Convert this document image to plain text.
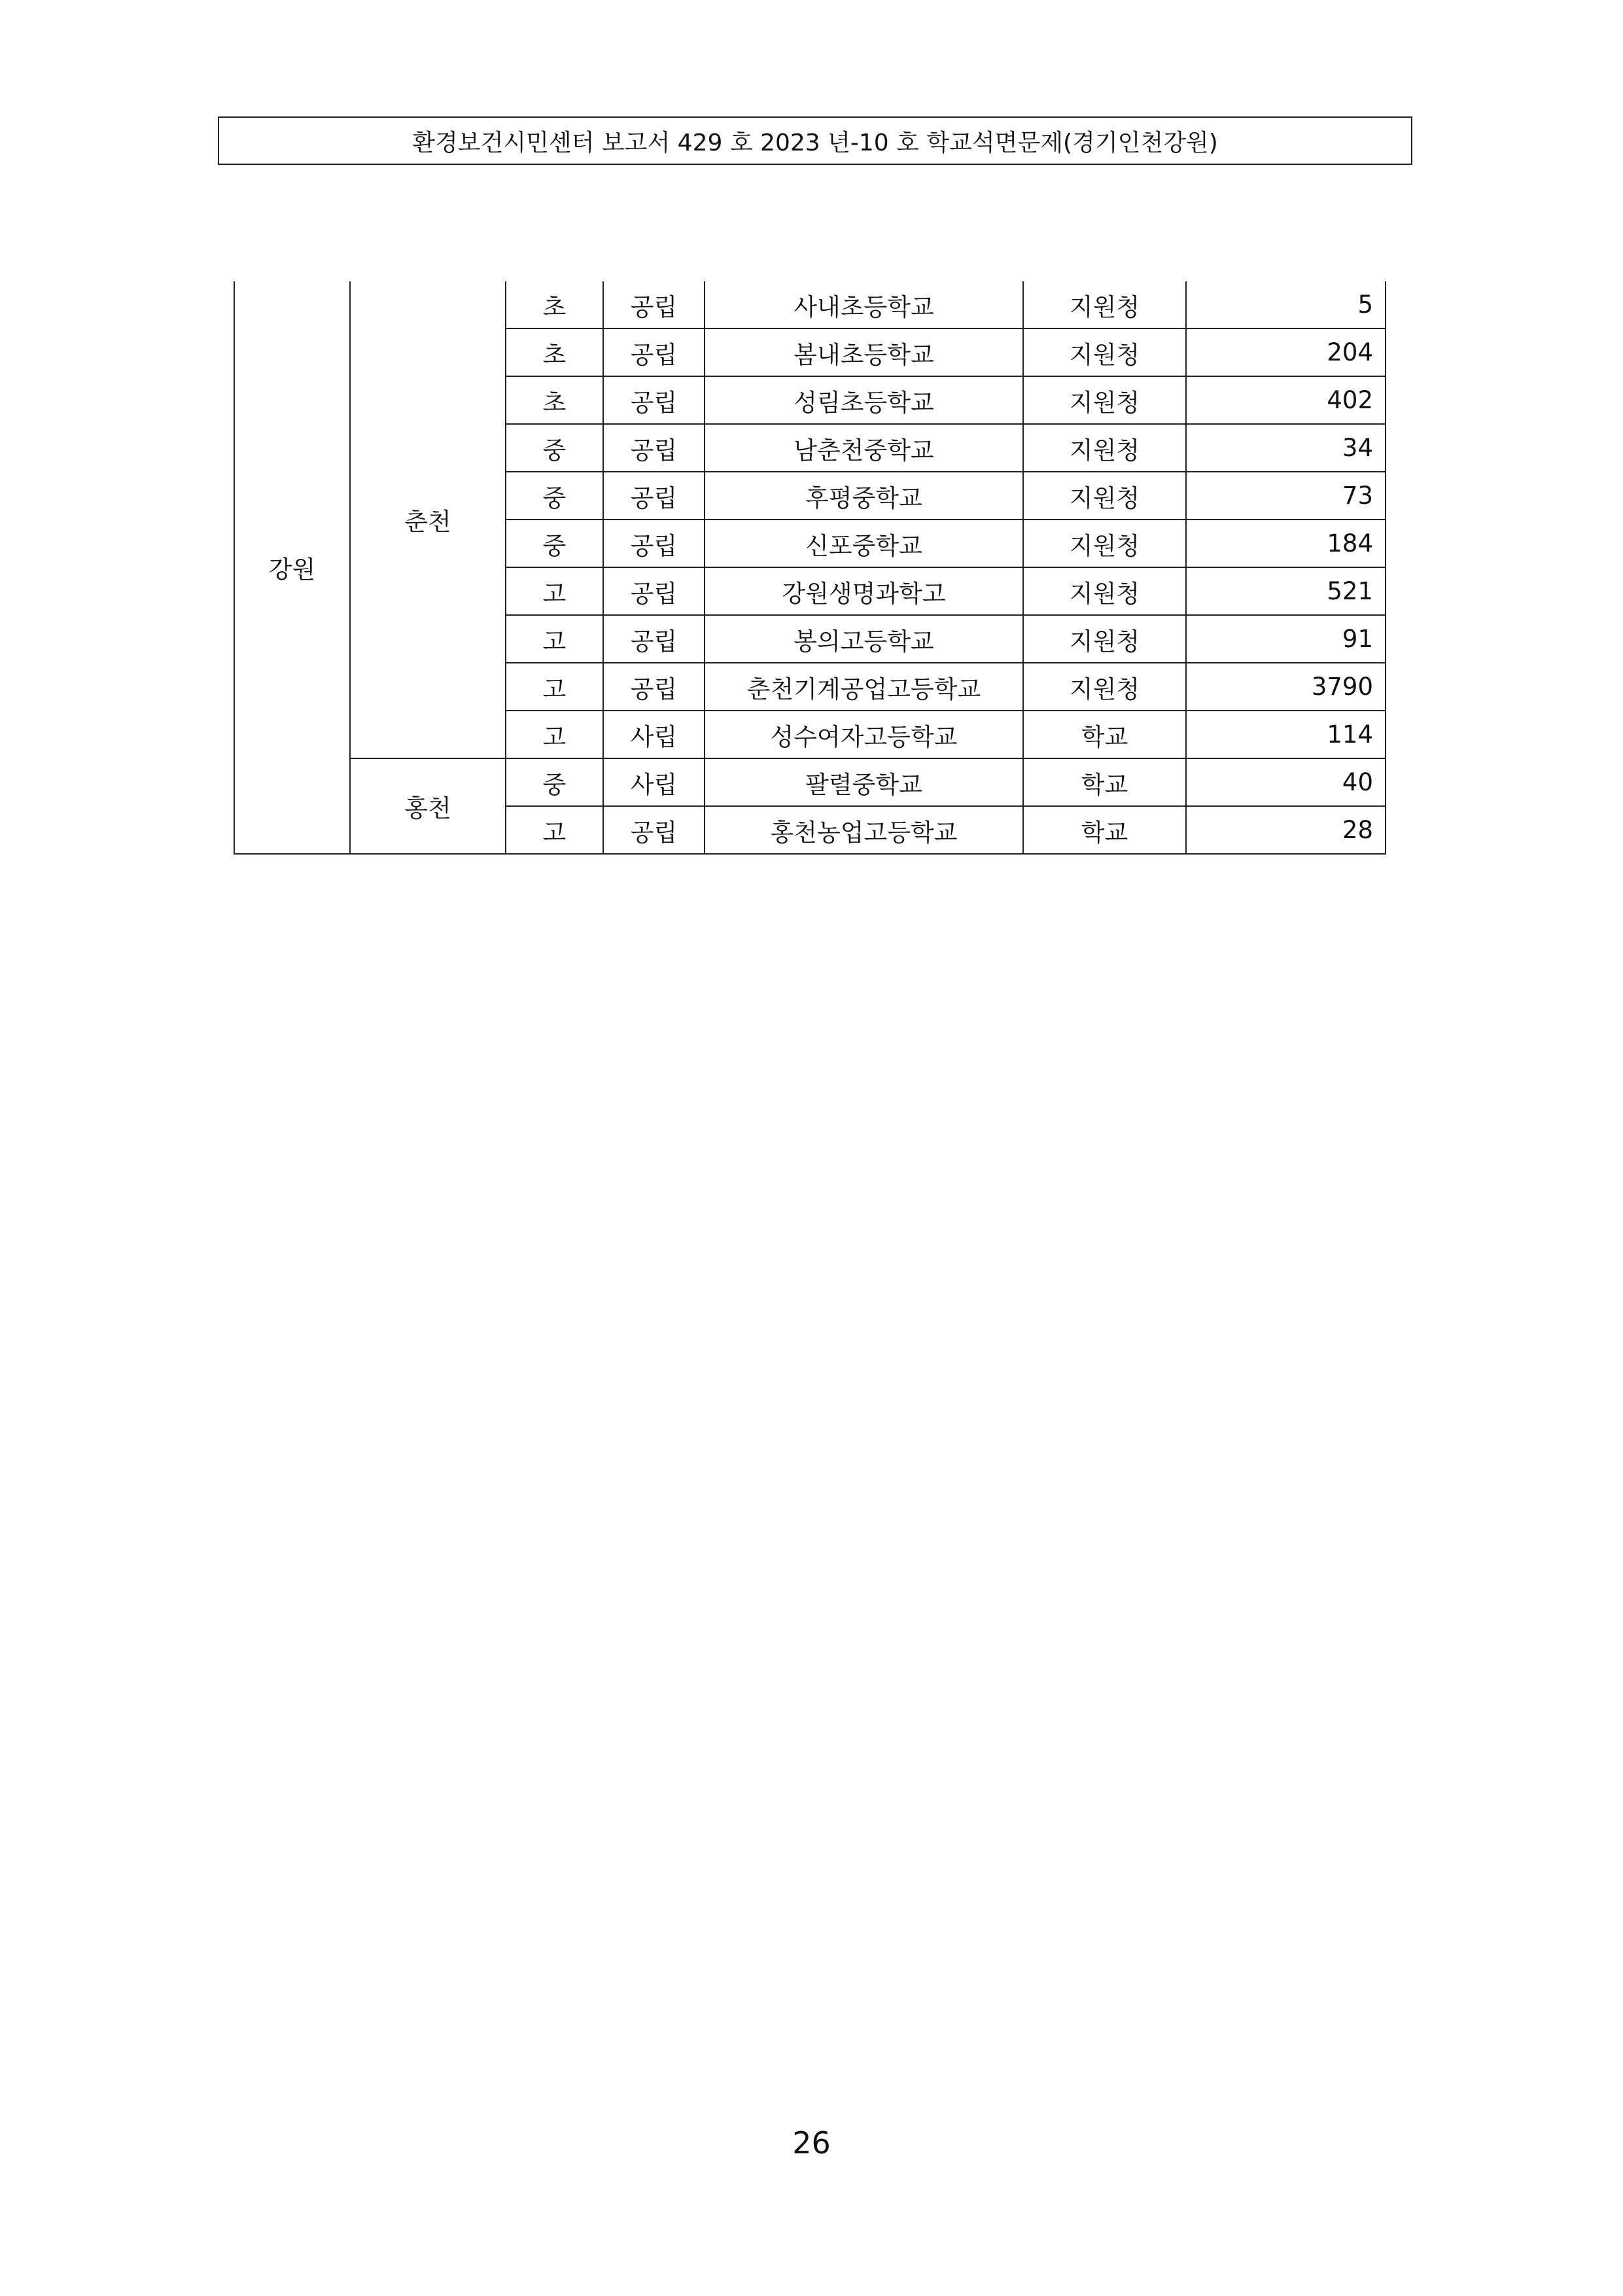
환경보건시민센터 보고서 429 호 2023 년-10 호 학교석면문제(경기인천강원)
강원	춘천	초	공립	사내초등학교	지원청	5
		초	공립	봄내초등학교	지원청	204
		초	공립	성림초등학교	지원청	402
		중	공립	남춘천중학교	지원청	34
		중	공립	후평중학교	지원청	73
		중	공립	신포중학교	지원청	184
		고	공립	강원생명과학고	지원청	521
		고	공립	봉의고등학교	지원청	91
		고	공립	춘천기계공업고등학교	지원청	3790
		고	사립	성수여자고등학교	학교	114
	홍천	중	사립	팔렬중학교	학교	40
		고	공립	홍천농업고등학교	학교	28
26
